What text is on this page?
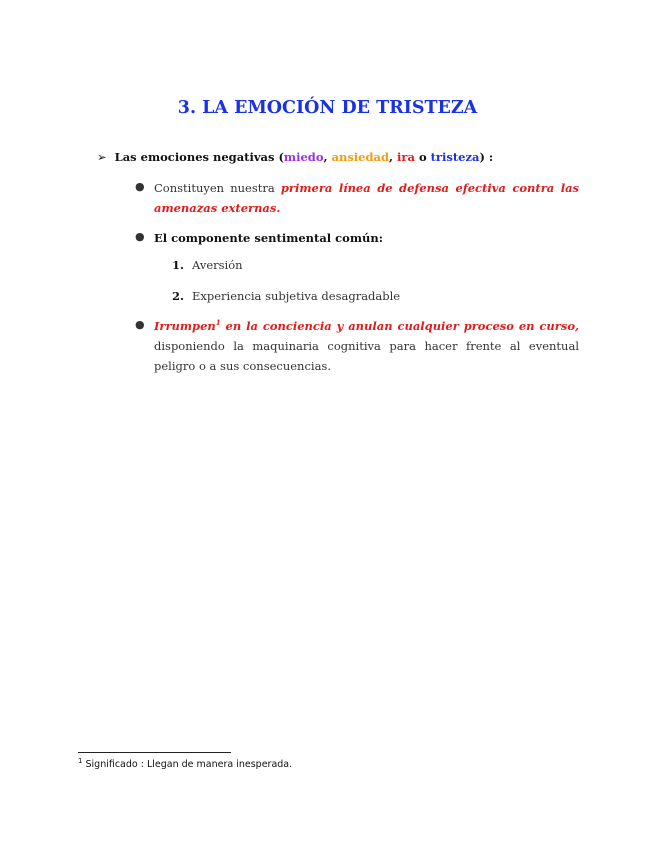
3. LA EMOCIÓN DE TRISTEZA
➢ Las emociones negativas (miedo, ansiedad, ira o tristeza) :
● Constituyen nuestra primera línea de defensa efectiva contra las amenazas externas.
● El componente sentimental común:
1. Aversión
2. Experiencia subjetiva desagradable
● Irrumpen$^1$ en la conciencia y anulan cualquier proceso en curso, disponiendo la maquinaria cognitiva para hacer frente al eventual peligro o a sus consecuencias.
$^1$ Significado : Llegan de manera inesperada.
